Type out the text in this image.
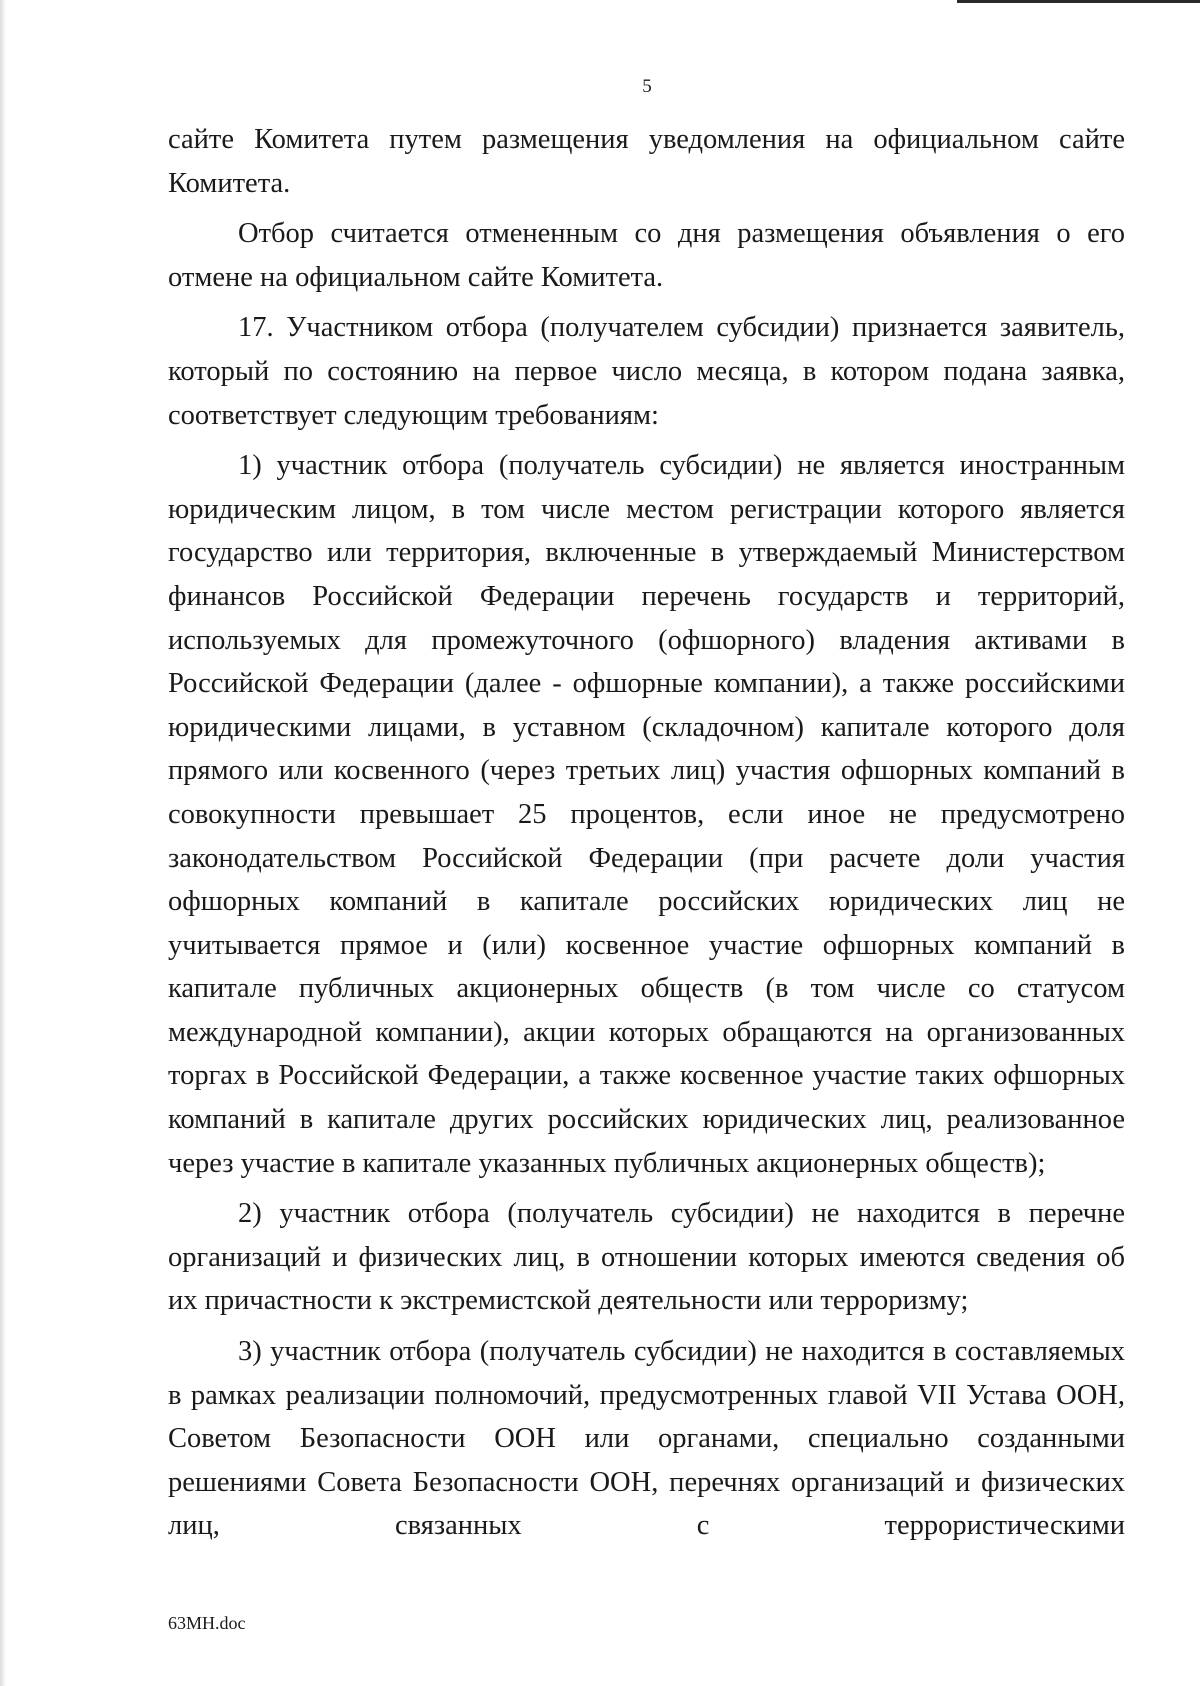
5

сайте Комитета путем размещения уведомления на официальном сайте Комитета.

Отбор считается отмененным со дня размещения объявления о его отмене на официальном сайте Комитета.

17. Участником отбора (получателем субсидии) признается заявитель, который по состоянию на первое число месяца, в котором подана заявка, соответствует следующим требованиям:

1) участник отбора (получатель субсидии) не является иностранным юридическим лицом, в том числе местом регистрации которого является государство или территория, включенные в утверждаемый Министерством финансов Российской Федерации перечень государств и территорий, используемых для промежуточного (офшорного) владения активами в Российской Федерации (далее - офшорные компании), а также российскими юридическими лицами, в уставном (складочном) капитале которого доля прямого или косвенного (через третьих лиц) участия офшорных компаний в совокупности превышает 25 процентов, если иное не предусмотрено законодательством Российской Федерации (при расчете доли участия офшорных компаний в капитале российских юридических лиц не учитывается прямое и (или) косвенное участие офшорных компаний в капитале публичных акционерных обществ (в том числе со статусом международной компании), акции которых обращаются на организованных торгах в Российской Федерации, а также косвенное участие таких офшорных компаний в капитале других российских юридических лиц, реализованное через участие в капитале указанных публичных акционерных обществ);

2) участник отбора (получатель субсидии) не находится в перечне организаций и физических лиц, в отношении которых имеются сведения об их причастности к экстремистской деятельности или терроризму;

3) участник отбора (получатель субсидии) не находится в составляемых в рамках реализации полномочий, предусмотренных главой VII Устава ООН, Советом Безопасности ООН или органами, специально созданными решениями Совета Безопасности ООН, перечнях организаций и физических лиц, связанных с террористическими

63МН.doc
